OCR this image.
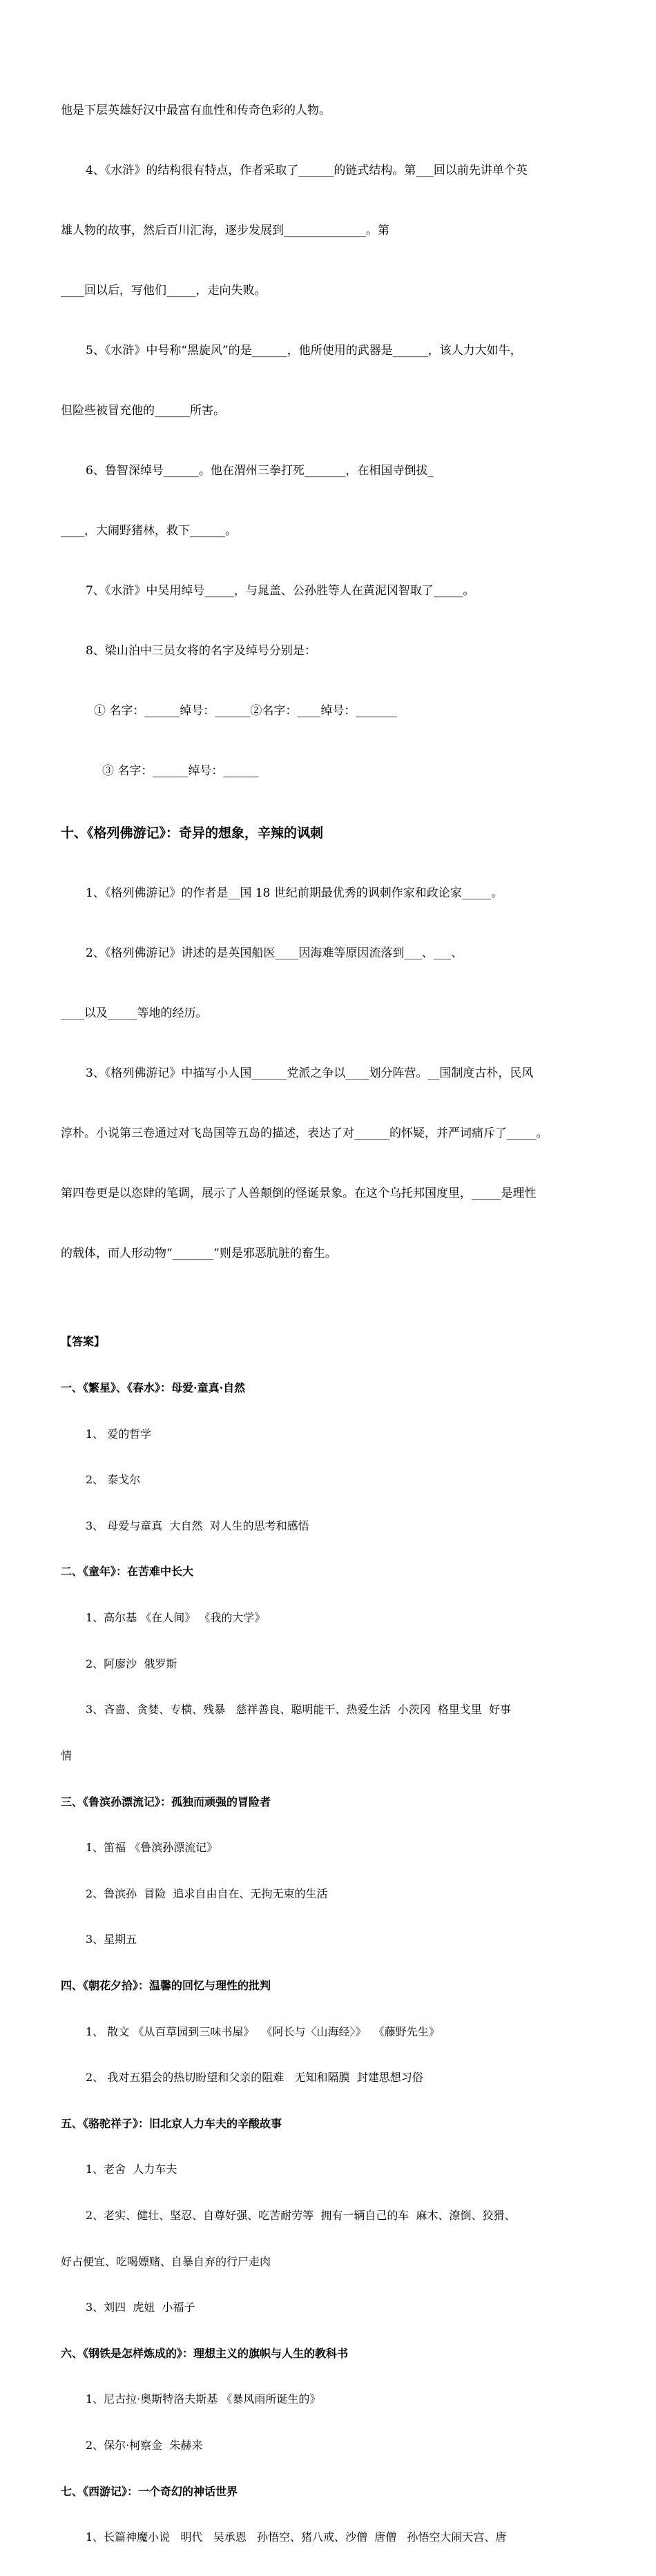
他是下层英雄好汉中最富有血性和传奇色彩的人物。

4、《水浒》的结构很有特点，作者采取了______的链式结构。第___回以前先讲单个英

雄人物的故事，然后百川汇海，逐步发展到______________。第

____回以后，写他们_____，走向失败。

5、《水浒》中号称“黑旋风”的是______，他所使用的武器是______，该人力大如牛，

但险些被冒充他的______所害。

6、鲁智深绰号______。他在渭州三拳打死_______，在相国寺倒拔_

____，大闹野猪林，救下______。

7、《水浒》中吴用绰号_____，与晁盖、公孙胜等人在黄泥冈智取了_____。

8、梁山泊中三员女将的名字及绰号分别是：

① 名字：______绰号：______②名字：____绰号：_______

③ 名字：______绰号：______

十、《格列佛游记》：奇异的想象，辛辣的讽刺

1、《格列佛游记》的作者是__国 18 世纪前期最优秀的讽刺作家和政论家_____。

2、《格列佛游记》讲述的是英国船医____因海难等原因流落到___、___、

____以及_____等地的经历。

3、《格列佛游记》中描写小人国______党派之争以____划分阵营。__国制度古朴，民风

淳朴。小说第三卷通过对飞岛国等五岛的描述，表达了对______的怀疑，并严词痛斥了_____。

第四卷更是以恣肆的笔调，展示了人兽颠倒的怪诞景象。在这个乌托邦国度里，_____是理性

的载体，而人形动物“_______”则是邪恶肮脏的畜生。

【答案】

一、《繁星》、《春水》：母爱·童真·自然

1、 爱的哲学

2、 泰戈尔

3、 母爱与童真  大自然  对人生的思考和感悟

二、《童年》：在苦难中长大

1、高尔基 《在人间》 《我的大学》

2、阿廖沙  俄罗斯

3、吝啬、贪婪、专横、残暴   慈祥善良、聪明能干、热爱生活  小茨冈  格里戈里  好事

情

三、《鲁滨孙漂流记》：孤独而顽强的冒险者

1、笛福 《鲁滨孙漂流记》

2、鲁滨孙  冒险  追求自由自在、无拘无束的生活

3、星期五

四、《朝花夕拾》：温馨的回忆与理性的批判

1、 散文 《从百草园到三味书屋》  《阿长与〈山海经〉》  《藤野先生》

2、 我对五猖会的热切盼望和父亲的阻难   无知和隔膜  封建思想习俗

五、《骆驼祥子》：旧北京人力车夫的辛酸故事

1、老舍  人力车夫

2、老实、健壮、坚忍、自尊好强、吃苦耐劳等  拥有一辆自己的车  麻木、潦倒、狡猾、

好占便宜、吃喝嫖赌、自暴自弃的行尸走肉

3、刘四  虎妞  小福子

六、《钢铁是怎样炼成的》：理想主义的旗帜与人生的教科书

1、尼古拉·奥斯特洛夫斯基 《暴风雨所诞生的》

2、保尔·柯察金  朱赫来

七、《西游记》：一个奇幻的神话世界

1、长篇神魔小说   明代   吴承恩   孙悟空、猪八戒、沙僧  唐僧   孙悟空大闹天宫、唐
